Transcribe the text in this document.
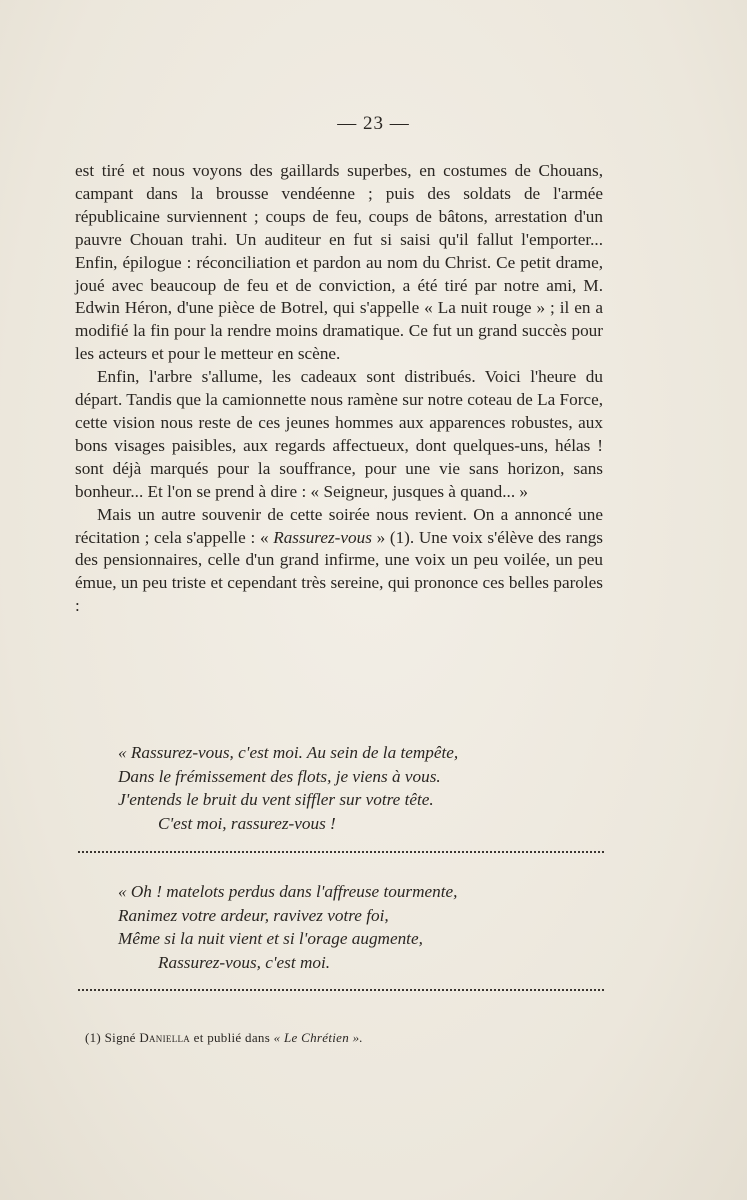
— 23 —

est tiré et nous voyons des gaillards superbes, en costumes de Chouans, campant dans la brousse vendéenne ; puis des soldats de l'armée républicaine surviennent ; coups de feu, coups de bâtons, arrestation d'un pauvre Chouan trahi. Un auditeur en fut si saisi qu'il fallut l'emporter... Enfin, épilogue : réconciliation et pardon au nom du Christ. Ce petit drame, joué avec beaucoup de feu et de conviction, a été tiré par notre ami, M. Edwin Héron, d'une pièce de Botrel, qui s'appelle « La nuit rouge » ; il en a modifié la fin pour la rendre moins dramatique. Ce fut un grand succès pour les acteurs et pour le metteur en scène.

Enfin, l'arbre s'allume, les cadeaux sont distribués. Voici l'heure du départ. Tandis que la camionnette nous ramène sur notre coteau de La Force, cette vision nous reste de ces jeunes hommes aux apparences robustes, aux bons visages paisibles, aux regards affectueux, dont quelques-uns, hélas ! sont déjà marqués pour la souffrance, pour une vie sans horizon, sans bonheur... Et l'on se prend à dire : « Seigneur, jusques à quand... »

Mais un autre souvenir de cette soirée nous revient. On a annoncé une récitation ; cela s'appelle : « Rassurez-vous » (1). Une voix s'élève des rangs des pensionnaires, celle d'un grand infirme, une voix un peu voilée, un peu émue, un peu triste et cependant très sereine, qui prononce ces belles paroles :

« Rassurez-vous, c'est moi. Au sein de la tempête,
Dans le frémissement des flots, je viens à vous.
J'entends le bruit du vent siffler sur votre tête.
C'est moi, rassurez-vous !
« Oh ! matelots perdus dans l'affreuse tourmente,
Ranimez votre ardeur, ravivez votre foi,
Même si la nuit vient et si l'orage augmente,
Rassurez-vous, c'est moi.
(1) Signé Daniella et publié dans « Le Chrétien ».
